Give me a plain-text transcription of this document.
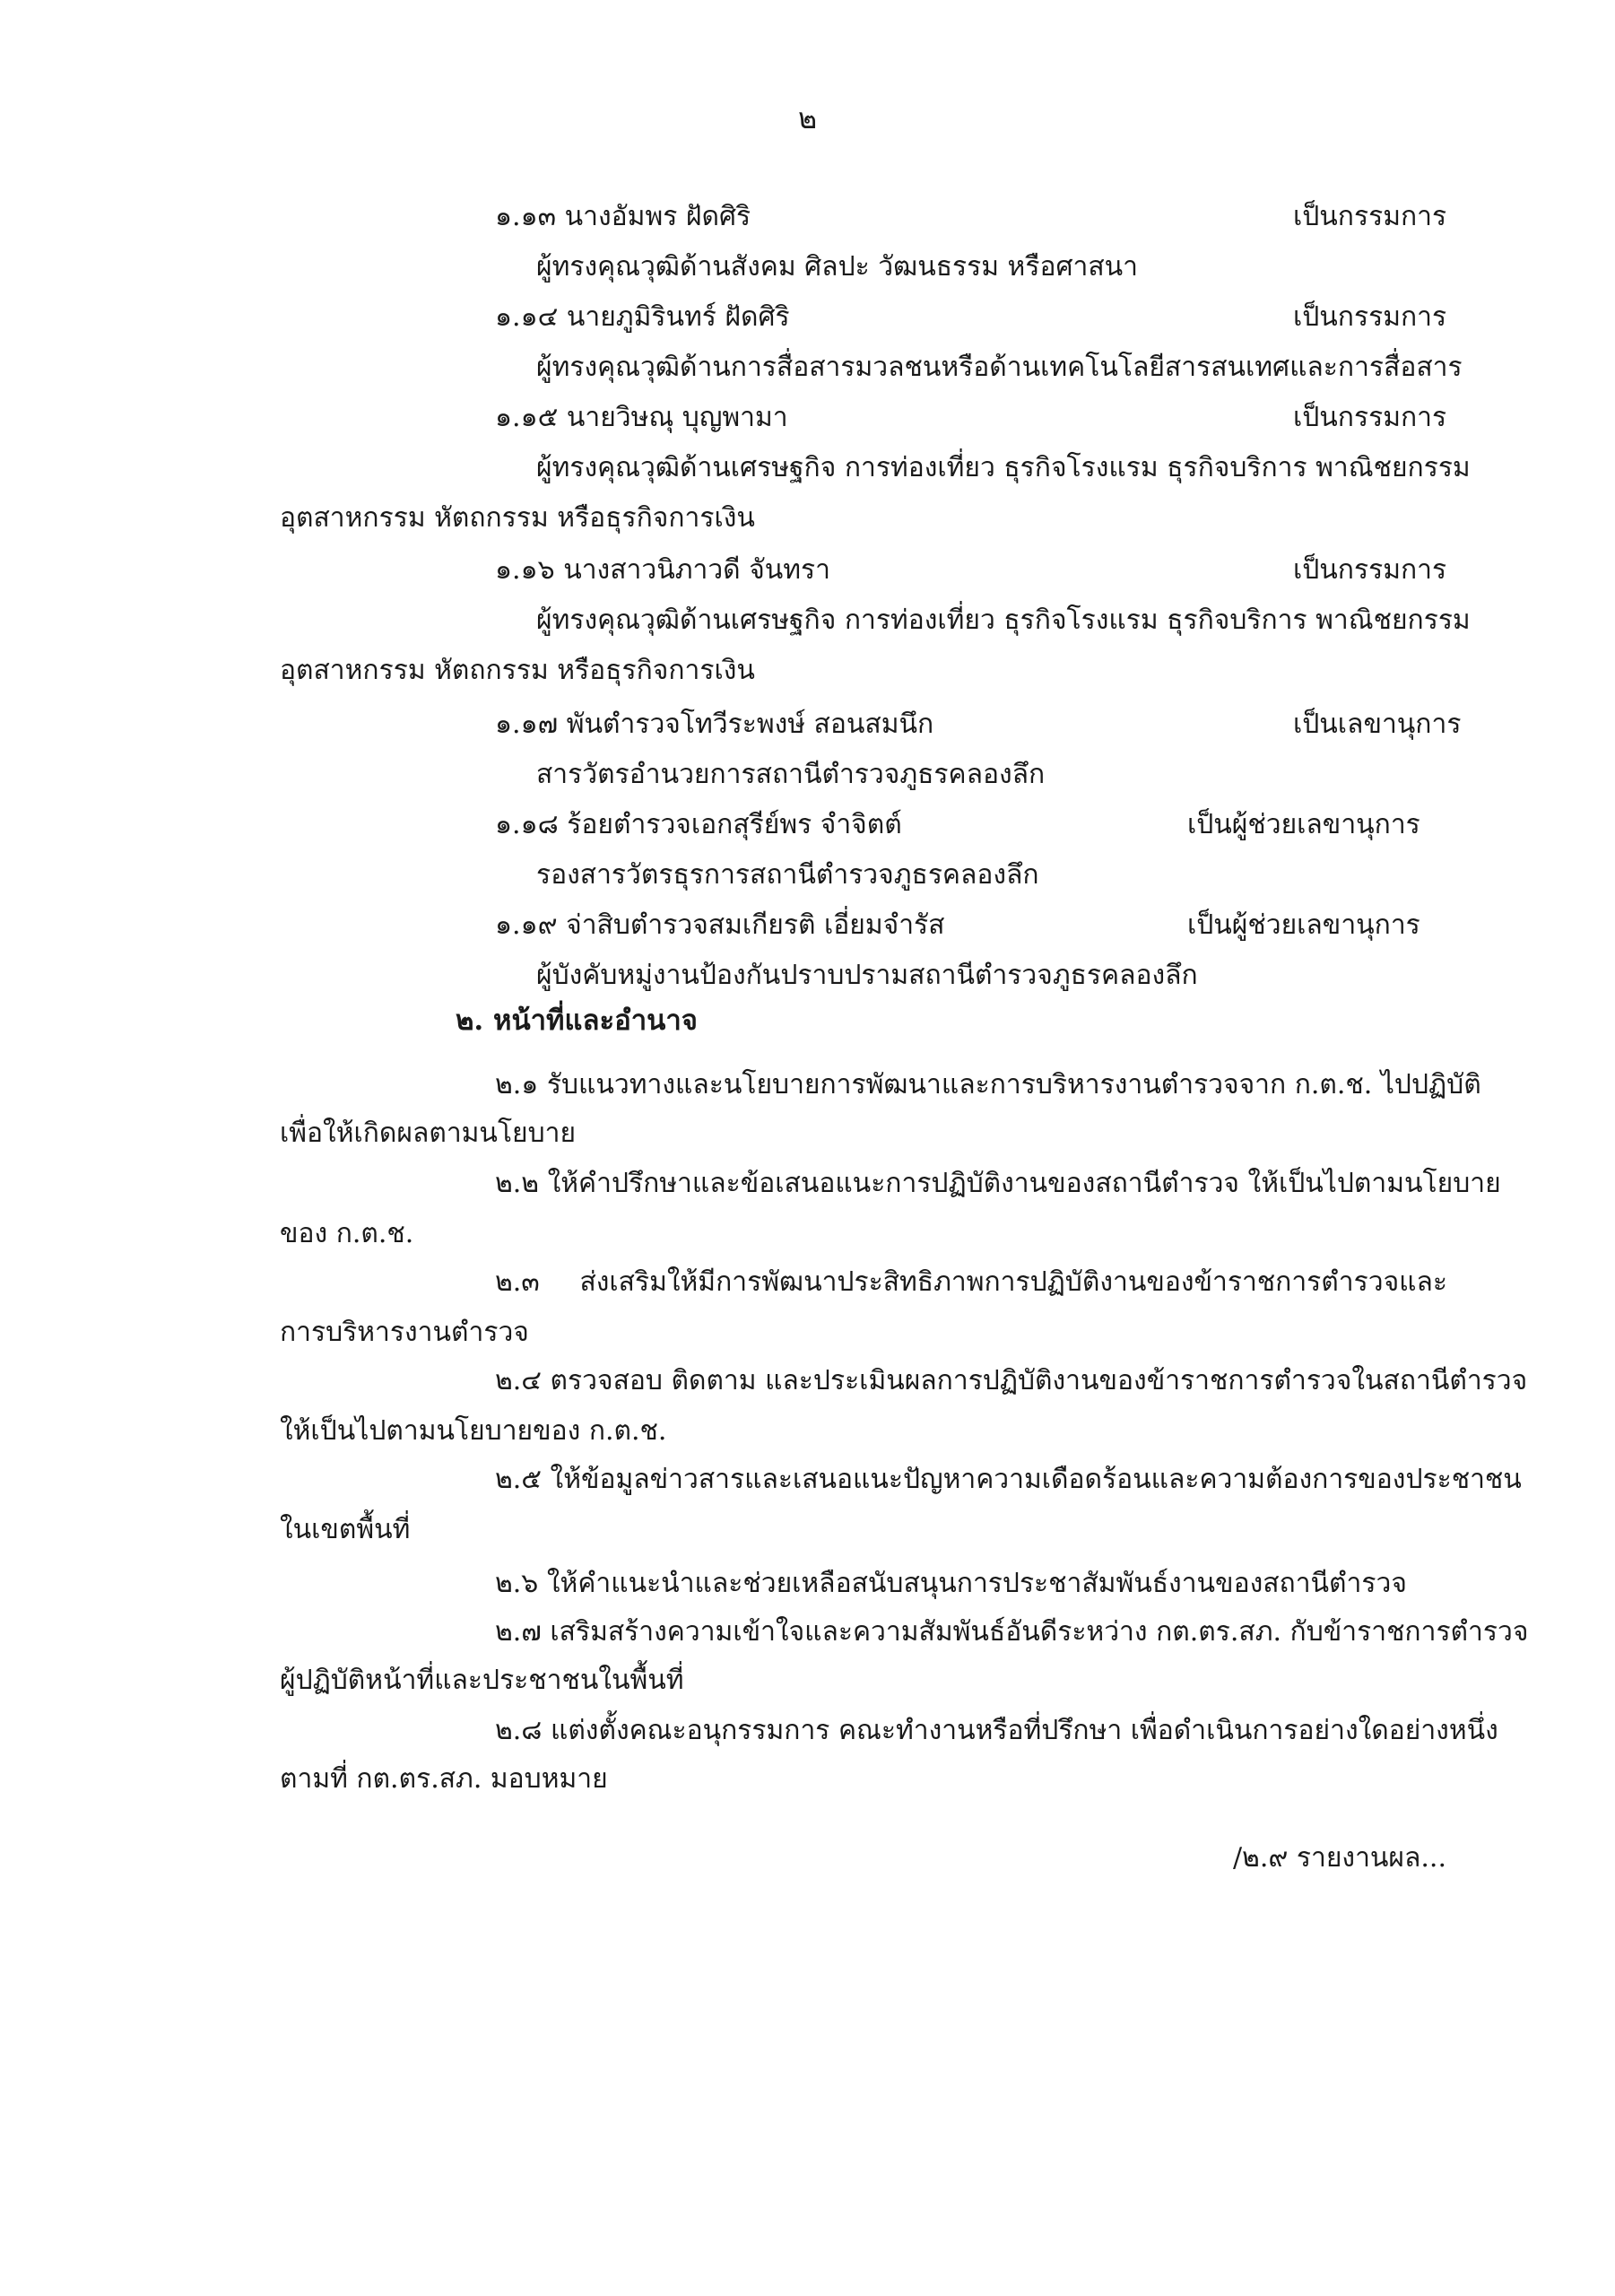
๒
๑.๑๓ นางอัมพร ฝัดศิริ	เป็นกรรมการ
ผู้ทรงคุณวุฒิด้านสังคม ศิลปะ วัฒนธรรม หรือศาสนา
๑.๑๔ นายภูมิรินทร์ ฝัดศิริ	เป็นกรรมการ
ผู้ทรงคุณวุฒิด้านการสื่อสารมวลชนหรือด้านเทคโนโลยีสารสนเทศและการสื่อสาร
๑.๑๕ นายวิษณุ บุญพามา	เป็นกรรมการ
ผู้ทรงคุณวุฒิด้านเศรษฐกิจ การท่องเที่ยว ธุรกิจโรงแรม ธุรกิจบริการ พาณิชยกรรม
อุตสาหกรรม หัตถกรรม หรือธุรกิจการเงิน
๑.๑๖ นางสาวนิภาวดี จันทรา	เป็นกรรมการ
ผู้ทรงคุณวุฒิด้านเศรษฐกิจ การท่องเที่ยว ธุรกิจโรงแรม ธุรกิจบริการ พาณิชยกรรม
อุตสาหกรรม หัตถกรรม หรือธุรกิจการเงิน
๑.๑๗ พันตำรวจโทวีระพงษ์ สอนสมนึก	เป็นเลขานุการ
สารวัตรอำนวยการสถานีตำรวจภูธรคลองลึก
๑.๑๘ ร้อยตำรวจเอกสุรีย์พร จำจิตต์	เป็นผู้ช่วยเลขานุการ
รองสารวัตรธุรการสถานีตำรวจภูธรคลองลึก
๑.๑๙ จ่าสิบตำรวจสมเกียรติ เอี่ยมจำรัส	เป็นผู้ช่วยเลขานุการ
ผู้บังคับหมู่งานป้องกันปราบปรามสถานีตำรวจภูธรคลองลึก
๒. หน้าที่และอำนาจ
๒.๑ รับแนวทางและนโยบายการพัฒนาและการบริหารงานตำรวจจาก ก.ต.ช. ไปปฏิบัติ
เพื่อให้เกิดผลตามนโยบาย
๒.๒ ให้คำปรึกษาและข้อเสนอแนะการปฏิบัติงานของสถานีตำรวจ ให้เป็นไปตามนโยบาย
ของ ก.ต.ช.
๒.๓ ส่งเสริมให้มีการพัฒนาประสิทธิภาพการปฏิบัติงานของข้าราชการตำรวจและ
การบริหารงานตำรวจ
๒.๔ ตรวจสอบ ติดตาม และประเมินผลการปฏิบัติงานของข้าราชการตำรวจในสถานีตำรวจ
ให้เป็นไปตามนโยบายของ ก.ต.ช.
๒.๕ ให้ข้อมูลข่าวสารและเสนอแนะปัญหาความเดือดร้อนและความต้องการของประชาชน
ในเขตพื้นที่
๒.๖ ให้คำแนะนำและช่วยเหลือสนับสนุนการประชาสัมพันธ์งานของสถานีตำรวจ
๒.๗ เสริมสร้างความเข้าใจและความสัมพันธ์อันดีระหว่าง กต.ตร.สภ. กับข้าราชการตำรวจ
ผู้ปฏิบัติหน้าที่และประชาชนในพื้นที่
๒.๘ แต่งตั้งคณะอนุกรรมการ คณะทำงานหรือที่ปรึกษา เพื่อดำเนินการอย่างใดอย่างหนึ่ง
ตามที่ กต.ตร.สภ. มอบหมาย
/๒.๙ รายงานผล...
